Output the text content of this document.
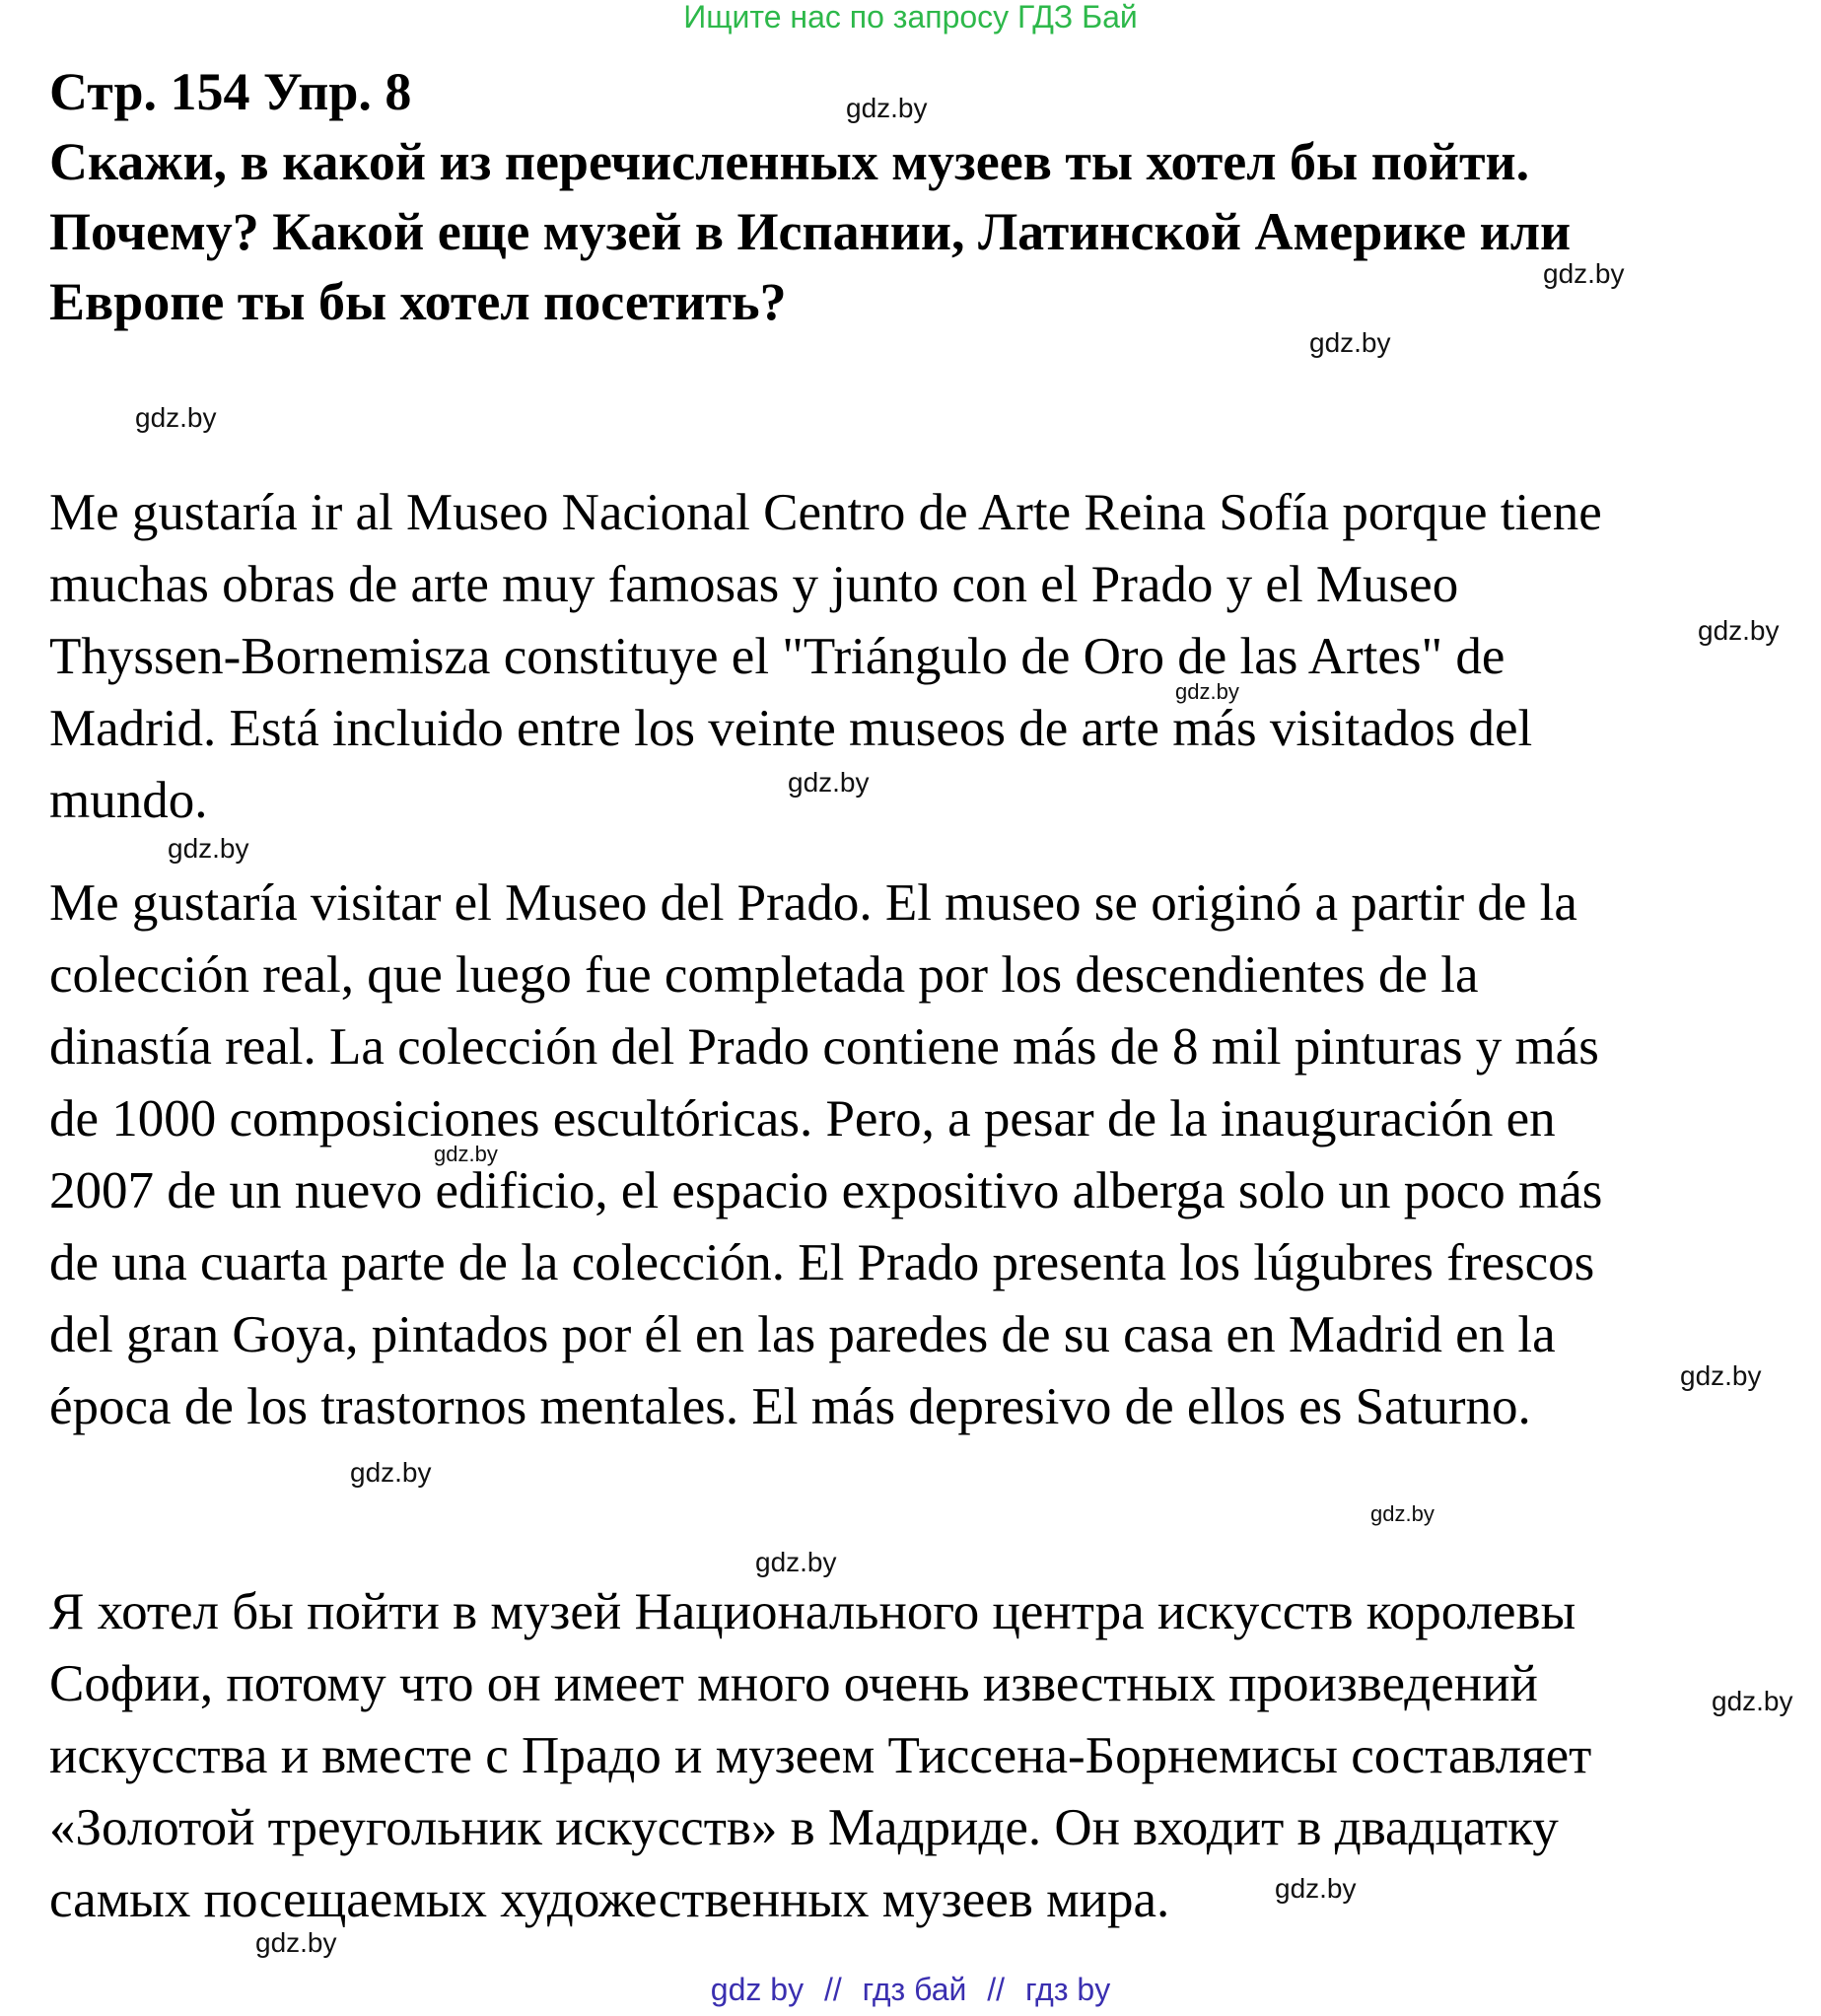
Ищите нас по запросу ГДЗ Бай

Стр. 154 Упр. 8

Скажи, в какой из перечисленных музеев ты хотел бы пойти.

Почему? Какой еще музей в Испании, Латинской Америке или

Европе ты бы хотел посетить?

Me gustaría ir al Museo Nacional Centro de Arte Reina Sofía porque tiene

muchas obras de arte muy famosas y junto con el Prado y el Museo

Thyssen-Bornemisza constituye el "Triángulo de Oro de las Artes" de

Madrid. Está incluido entre los veinte museos de arte más visitados del

mundo.

Me gustaría visitar el Museo del Prado. El museo se originó a partir de la

colección real, que luego fue completada por los descendientes de la

dinastía real. La colección del Prado contiene más de 8 mil pinturas y más

de 1000 composiciones escultóricas. Pero, a pesar de la inauguración en

2007 de un nuevo edificio, el espacio expositivo alberga solo un poco más

de una cuarta parte de la colección. El Prado presenta los lúgubres frescos

del gran Goya, pintados por él en las paredes de su casa en Madrid en la

época de los trastornos mentales. El más depresivo de ellos es Saturno.

Я хотел бы пойти в музей Национального центра искусств королевы

Софии, потому что он имеет много очень известных произведений

искусства и вместе с Прадо и музеем Тиссена-Борнемисы составляет

«Золотой треугольник искусств» в Мадриде. Он входит в двадцатку

самых посещаемых художественных музеев мира.

gdz.by
gdz.by
gdz.by
gdz.by
gdz.by
gdz.by
gdz.by
gdz.by
gdz.by
gdz.by
gdz.by
gdz.by
gdz.by
gdz.by
gdz.by
gdz.by
gdz by // гдз бай // гдз by
